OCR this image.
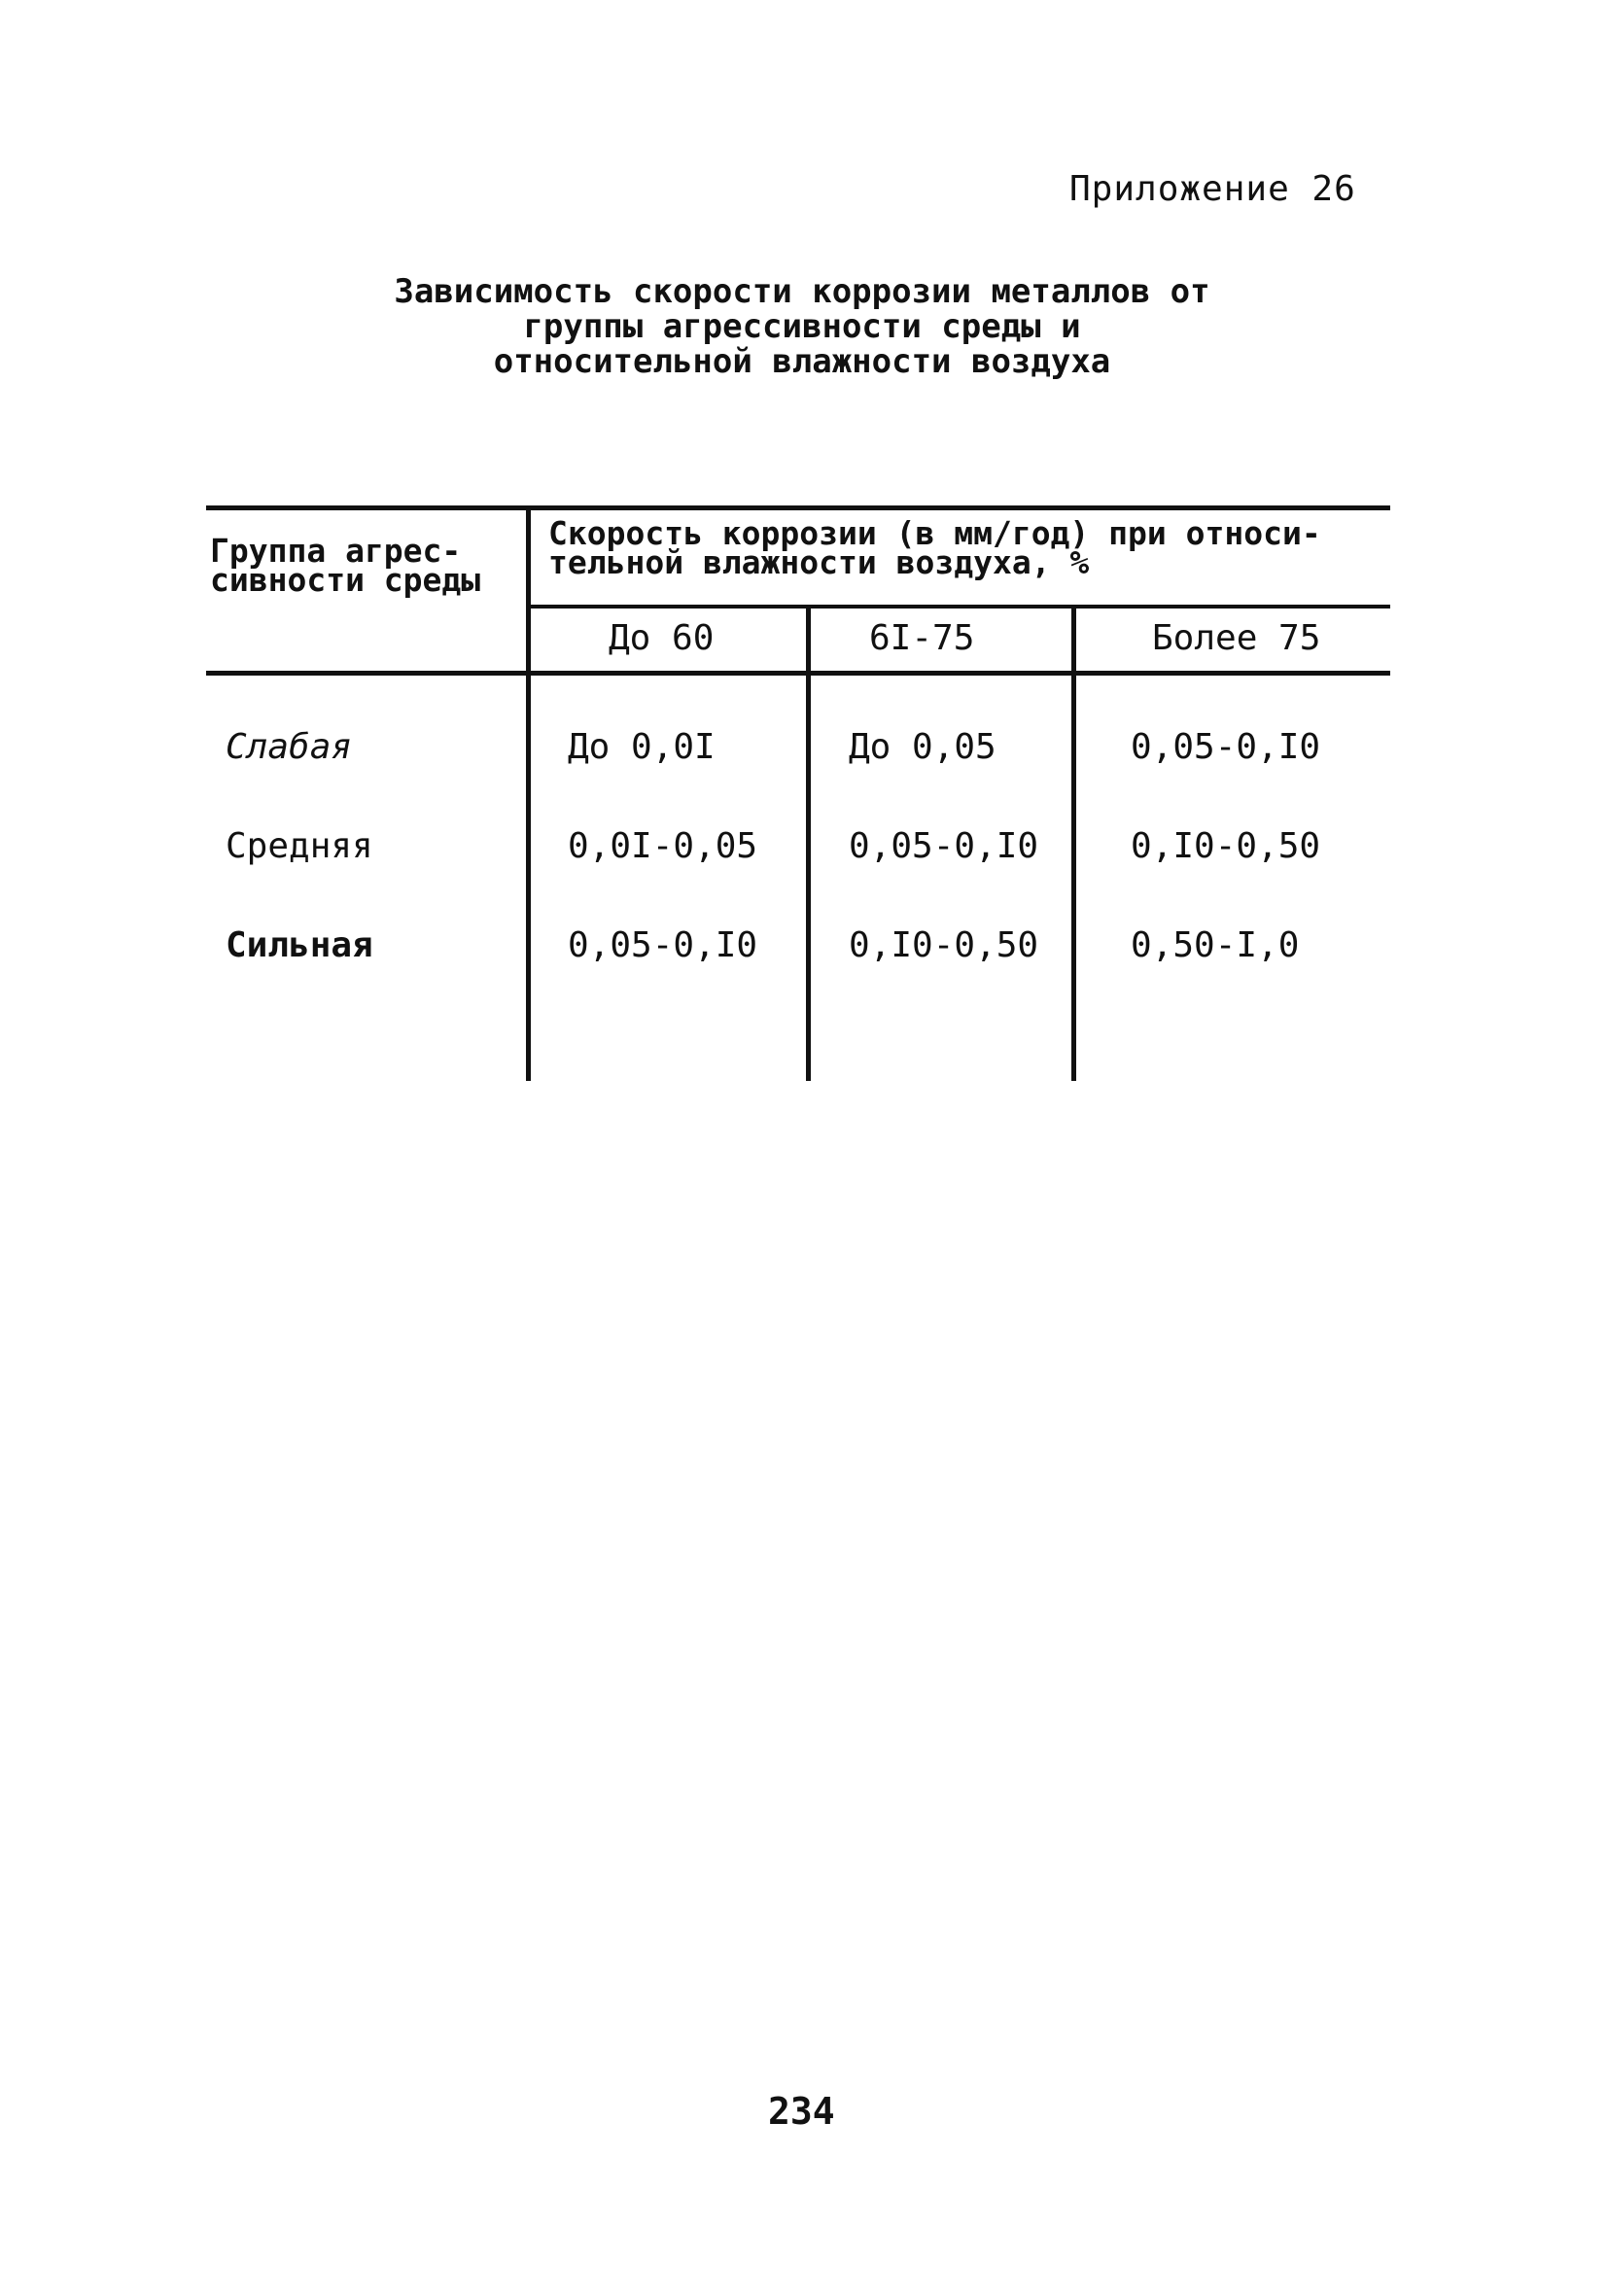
Приложение 26
Зависимость скорости коррозии металлов от
группы агрессивности среды и
относительной влажности воздуха
Группа агрес-
сивности среды
Скорость коррозии (в мм/год) при относи-
тельной влажности воздуха, %
До 60	6I-75	Более 75
Слабая	До 0,0I	До 0,05	0,05-0,I0
Средняя	0,0I-0,05	0,05-0,I0	0,I0-0,50
Сильная	0,05-0,I0	0,I0-0,50	0,50-I,0
234
